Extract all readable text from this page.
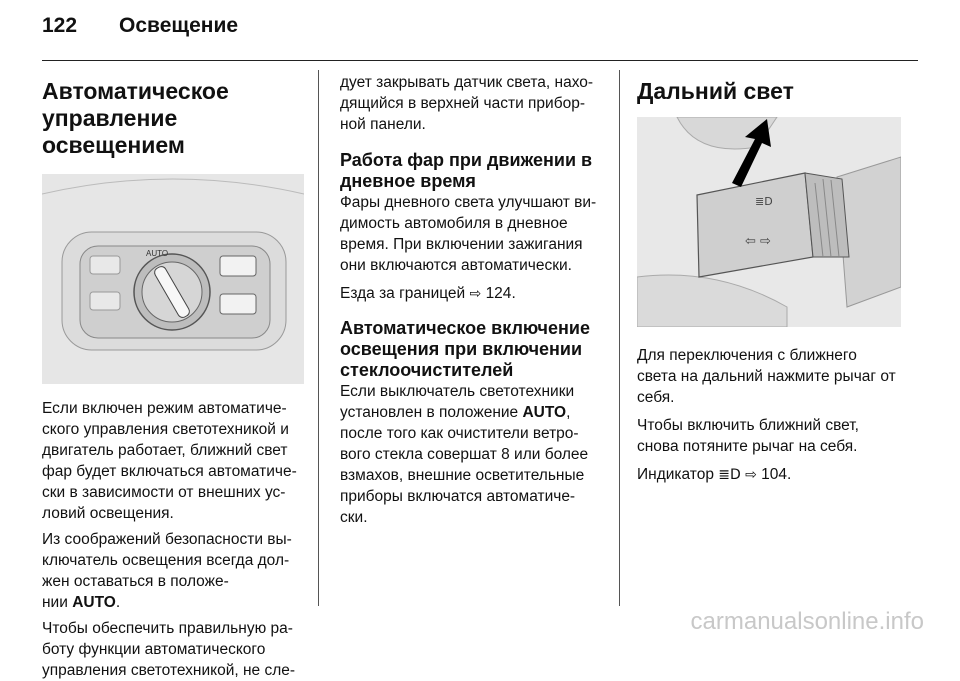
122 Освещение
Автоматическое
управление освещением
AUTO

Если включен режим автоматиче-
ского управления светотехникой и
двигатель работает, ближний свет
фар будет включаться автоматиче-
ски в зависимости от внешних ус-
ловий освещения.

Из соображений безопасности вы-
ключатель освещения всегда дол-
жен оставаться в положе-
нии AUTO.

Чтобы обеспечить правильную ра-
боту функции автоматического
управления светотехникой, не сле-

дует закрывать датчик света, нахо-
дящийся в верхней части прибор-
ной панели.

Работа фар при движении в
дневное время

Фары дневного света улучшают ви-
димость автомобиля в дневное
время. При включении зажигания
они включаются автоматически.

Езда за границей ⇨ 124.

Автоматическое включение
освещения при включении
стеклоочистителей

Если выключатель светотехники
установлен в положение AUTO,
после того как очистители ветро-
вого стекла совершат 8 или более
взмахов, внешние осветительные
приборы включатся автоматиче-
ски.

Дальний свет
⇦ ⇨
≣D

Для переключения с ближнего
света на дальний нажмите рычаг от
себя.

Чтобы включить ближний свет,
снова потяните рычаг на себя.

Индикатор ≣D ⇨ 104.

carmanualsonline.info
